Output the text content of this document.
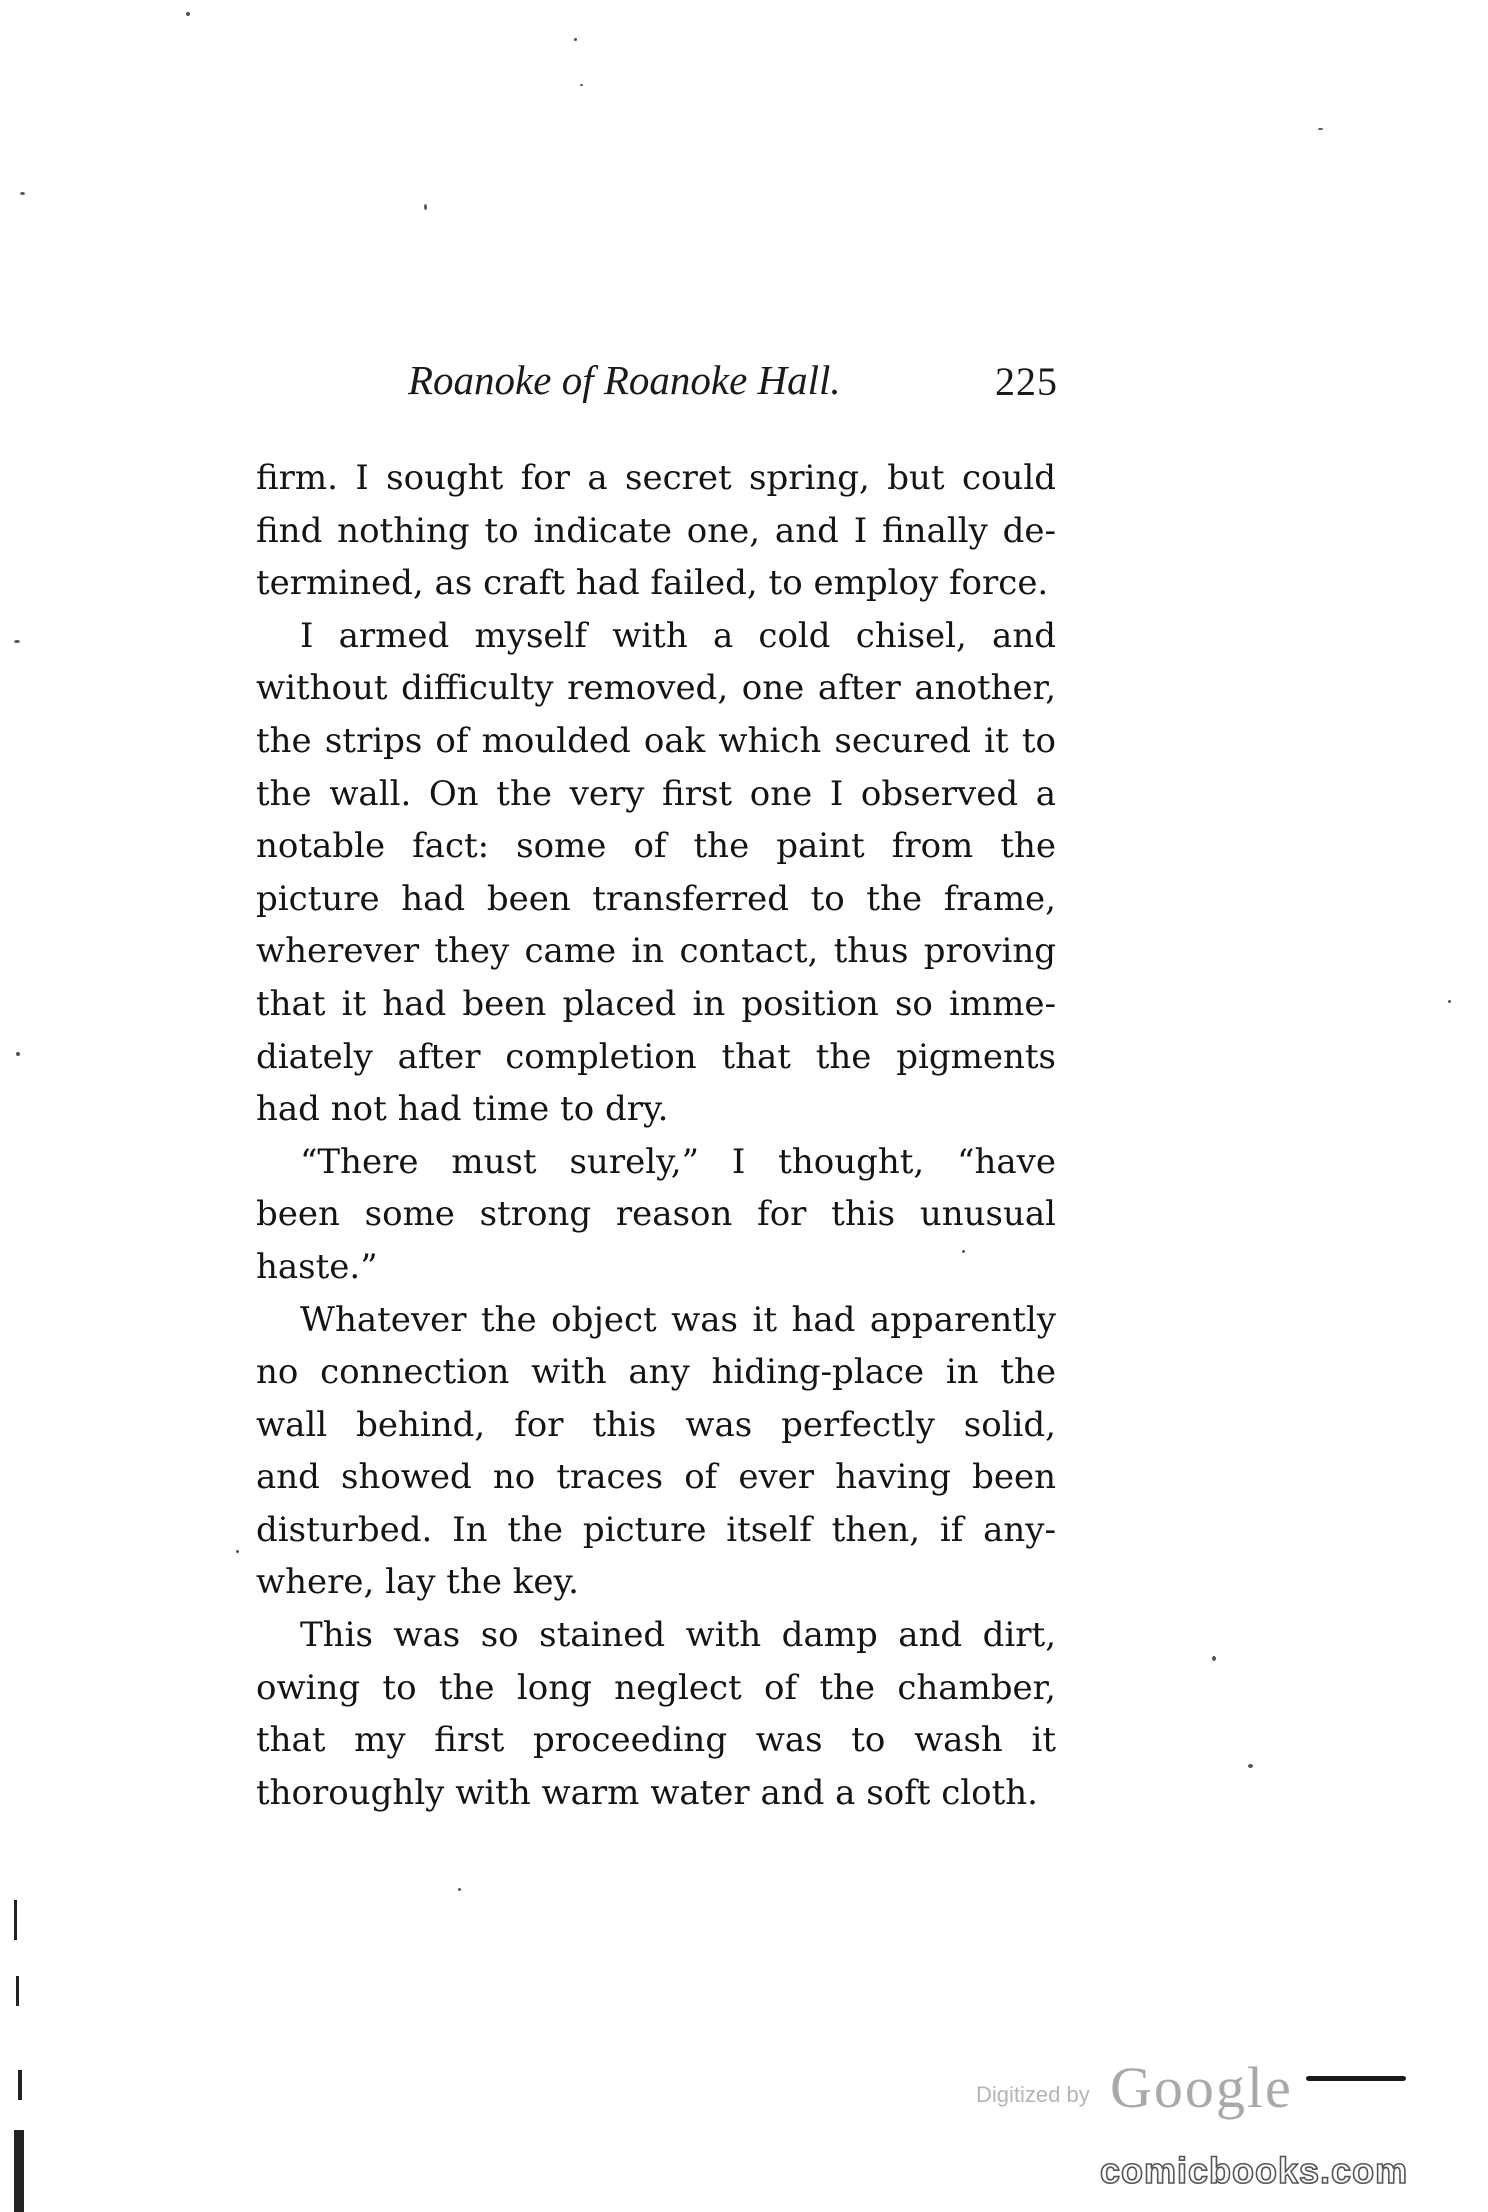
Roanoke of Roanoke Hall.	225
firm. I sought for a secret spring, but could
find nothing to indicate one, and I finally de-
termined, as craft had failed, to employ force.
I armed myself with a cold chisel, and
without difficulty removed, one after another,
the strips of moulded oak which secured it to
the wall. On the very first one I observed a
notable fact: some of the paint from the
picture had been transferred to the frame,
wherever they came in contact, thus proving
that it had been placed in position so imme-
diately after completion that the pigments
had not had time to dry.
“There must surely,” I thought, “have
been some strong reason for this unusual
haste.”
Whatever the object was it had apparently
no connection with any hiding-place in the
wall behind, for this was perfectly solid,
and showed no traces of ever having been
disturbed. In the picture itself then, if any-
where, lay the key.
This was so stained with damp and dirt,
owing to the long neglect of the chamber,
that my first proceeding was to wash it
thoroughly with warm water and a soft cloth.
Digitized by Google
comicbooks.com
